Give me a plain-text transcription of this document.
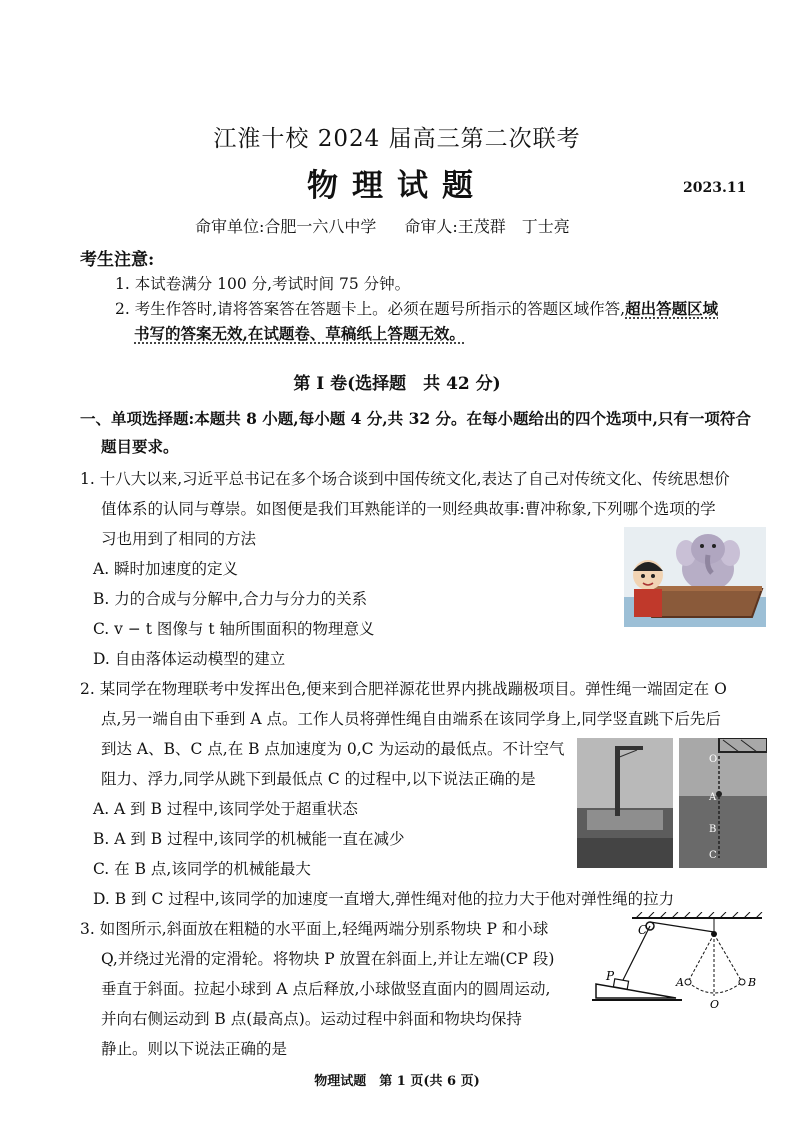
江淮十校 2024 届高三第二次联考
物理试题	2023.11
命审单位:合肥一六八中学 命审人:王茂群　丁士亮
考生注意:
1. 本试卷满分 100 分,考试时间 75 分钟。
2. 考生作答时,请将答案答在答题卡上。必须在题号所指示的答题区域作答,超出答题区域
书写的答案无效,在试题卷、草稿纸上答题无效。
第 I 卷(选择题　共 42 分)
一、单项选择题:本题共 8 小题,每小题 4 分,共 32 分。在每小题给出的四个选项中,只有一项符合
题目要求。
1. 十八大以来,习近平总书记在多个场合谈到中国传统文化,表达了自己对传统文化、传统思想价
值体系的认同与尊崇。如图便是我们耳熟能详的一则经典故事:曹冲称象,下列哪个选项的学
习也用到了相同的方法
A. 瞬时加速度的定义
B. 力的合成与分解中,合力与分力的关系
C. v − t 图像与 t 轴所围面积的物理意义
D. 自由落体运动模型的建立
2. 某同学在物理联考中发挥出色,便来到合肥祥源花世界内挑战蹦极项目。弹性绳一端固定在 O
点,另一端自由下垂到 A 点。工作人员将弹性绳自由端系在该同学身上,同学竖直跳下后先后
到达 A、B、C 点,在 B 点加速度为 0,C 为运动的最低点。不计空气
阻力、浮力,同学从跳下到最低点 C 的过程中,以下说法正确的是
A. A 到 B 过程中,该同学处于超重状态
B. A 到 B 过程中,该同学的机械能一直在减少
C. 在 B 点,该同学的机械能最大
D. B 到 C 过程中,该同学的加速度一直增大,弹性绳对他的拉力大于他对弹性绳的拉力
O
A
B
C
3. 如图所示,斜面放在粗糙的水平面上,轻绳两端分别系物块 P 和小球
Q,并绕过光滑的定滑轮。将物块 P 放置在斜面上,并让左端(CP 段)
垂直于斜面。拉起小球到 A 点后释放,小球做竖直面内的圆周运动,
并向右侧运动到 B 点(最高点)。运动过程中斜面和物块均保持
静止。则以下说法正确的是
C
P	A
O
B
物理试题　第 1 页(共 6 页)
